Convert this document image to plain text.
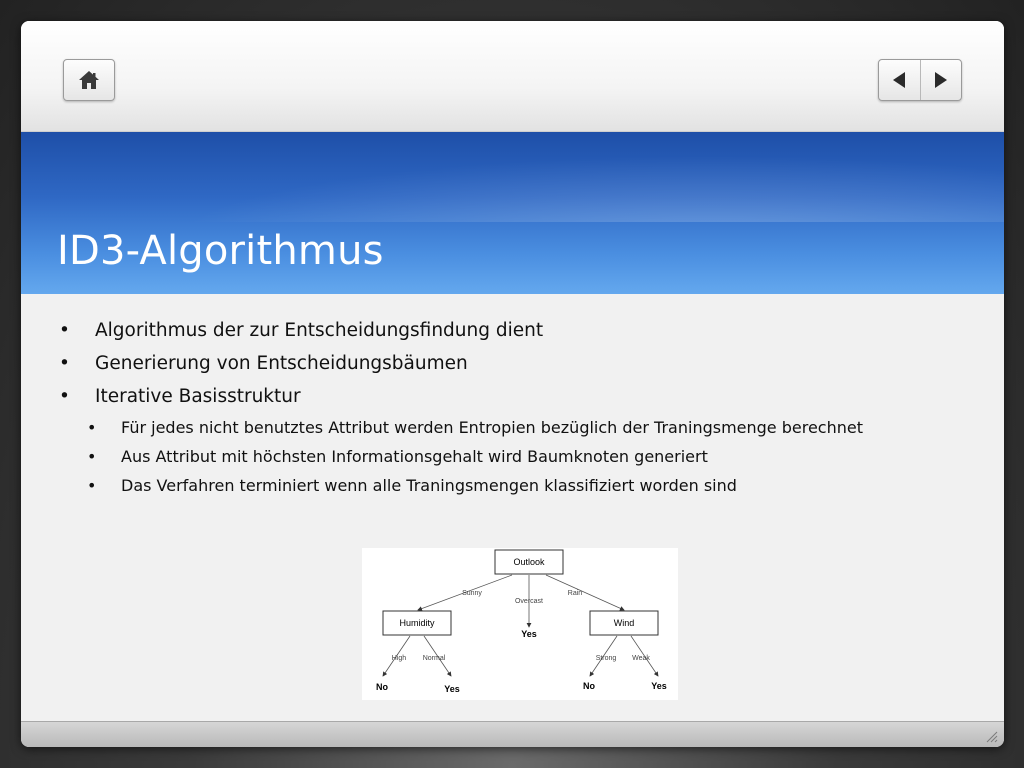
ID3-Algorithmus
• Algorithmus der zur Entscheidungsfindung dient
• Generierung von Entscheidungsbäumen
• Iterative Basisstruktur
• Für jedes nicht benutztes Attribut werden Entropien bezüglich der Traningsmenge berechnet
• Aus Attribut mit höchsten Informationsgehalt wird Baumknoten generiert
• Das Verfahren terminiert wenn alle Traningsmengen klassifiziert worden sind
Outlook
Sunny
Overcast
Rain
Humidity
Yes
Wind
High Normal
No	Yes
Strong Weak
No	Yes
